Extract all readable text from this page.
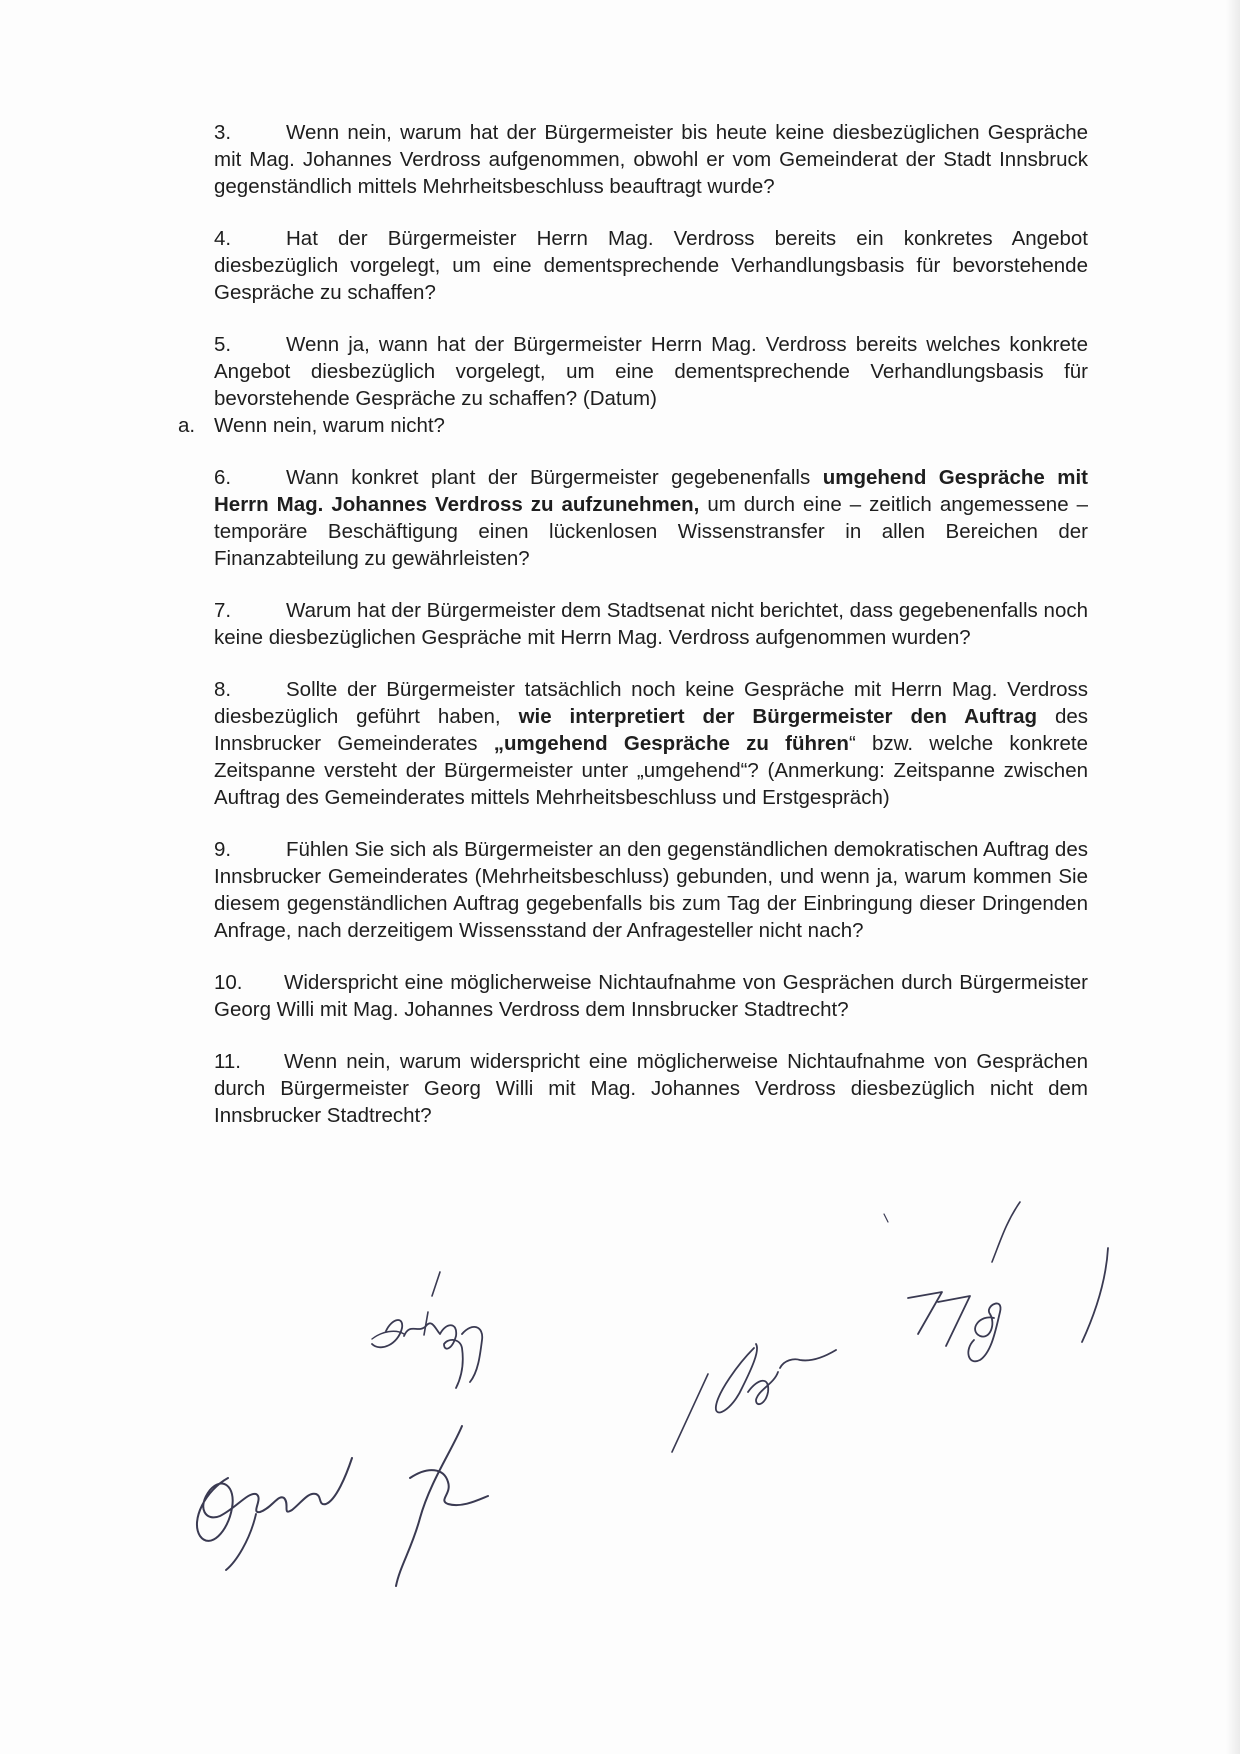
3.	Wenn nein, warum hat der Bürgermeister bis heute keine diesbezüglichen Gespräche mit Mag. Johannes Verdross aufgenommen, obwohl er vom Gemeinderat der Stadt Innsbruck gegenständlich mittels Mehrheitsbeschluss beauftragt wurde?

4.	Hat der Bürgermeister Herrn Mag. Verdross bereits ein konkretes Angebot diesbezüglich vorgelegt, um eine dementsprechende Verhandlungsbasis für bevorstehende Gespräche zu schaffen?

5.	Wenn ja, wann hat der Bürgermeister Herrn Mag. Verdross bereits welches konkrete Angebot diesbezüglich vorgelegt, um eine dementsprechende Verhandlungsbasis für bevorstehende Gespräche zu schaffen? (Datum)

a. Wenn nein, warum nicht?

6.	Wann konkret plant der Bürgermeister gegebenenfalls umgehend Gespräche mit Herrn Mag. Johannes Verdross zu aufzunehmen, um durch eine – zeitlich angemessene – temporäre Beschäftigung einen lückenlosen Wissenstransfer in allen Bereichen der Finanzabteilung zu gewährleisten?

7.	Warum hat der Bürgermeister dem Stadtsenat nicht berichtet, dass gegebenenfalls noch keine diesbezüglichen Gespräche mit Herrn Mag. Verdross aufgenommen wurden?

8.	Sollte der Bürgermeister tatsächlich noch keine Gespräche mit Herrn Mag. Verdross diesbezüglich geführt haben, wie interpretiert der Bürgermeister den Auftrag des Innsbrucker Gemeinderates „umgehend Gespräche zu führen“ bzw. welche konkrete Zeitspanne versteht der Bürgermeister unter „umgehend“? (Anmerkung: Zeitspanne zwischen Auftrag des Gemeinderates mittels Mehrheitsbeschluss und Erstgespräch)

9.	Fühlen Sie sich als Bürgermeister an den gegenständlichen demokratischen Auftrag des Innsbrucker Gemeinderates (Mehrheitsbeschluss) gebunden, und wenn ja, warum kommen Sie diesem gegenständlichen Auftrag gegebenfalls bis zum Tag der Einbringung dieser Dringenden Anfrage, nach derzeitigem Wissensstand der Anfragesteller nicht nach?

10. Widerspricht eine möglicherweise Nichtaufnahme von Gesprächen durch Bürgermeister Georg Willi mit Mag. Johannes Verdross dem Innsbrucker Stadtrecht?

11. Wenn nein, warum widerspricht eine möglicherweise Nichtaufnahme von Gesprächen durch Bürgermeister Georg Willi mit Mag. Johannes Verdross diesbezüglich nicht dem Innsbrucker Stadtrecht?
